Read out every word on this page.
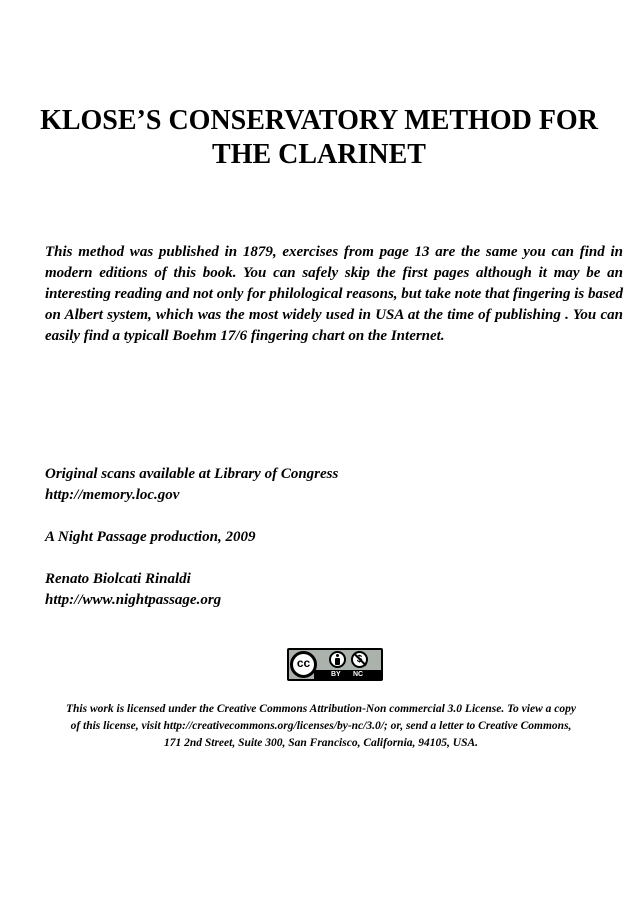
KLOSE’S CONSERVATORY METHOD FOR
THE CLARINET

This method was published in 1879, exercises from page 13 are the same you can find in modern editions of this book. You can safely skip the first pages although it may be an interesting reading and not only for philological reasons, but take note that fingering is based on Albert system, which was the most widely used in USA at the time of publishing . You can easily find a typicall Boehm 17/6 fingering chart on the Internet.

Original scans available at Library of Congress

http://memory.loc.gov

A Night Passage production, 2009

Renato Biolcati Rinaldi

http://www.nightpassage.org

cc
BY NC

This work is licensed under the Creative Commons Attribution-Non commercial 3.0 License. To view a copy
of this license, visit http://creativecommons.org/licenses/by-nc/3.0/; or, send a letter to Creative Commons,
171 2nd Street, Suite 300, San Francisco, California, 94105, USA.
